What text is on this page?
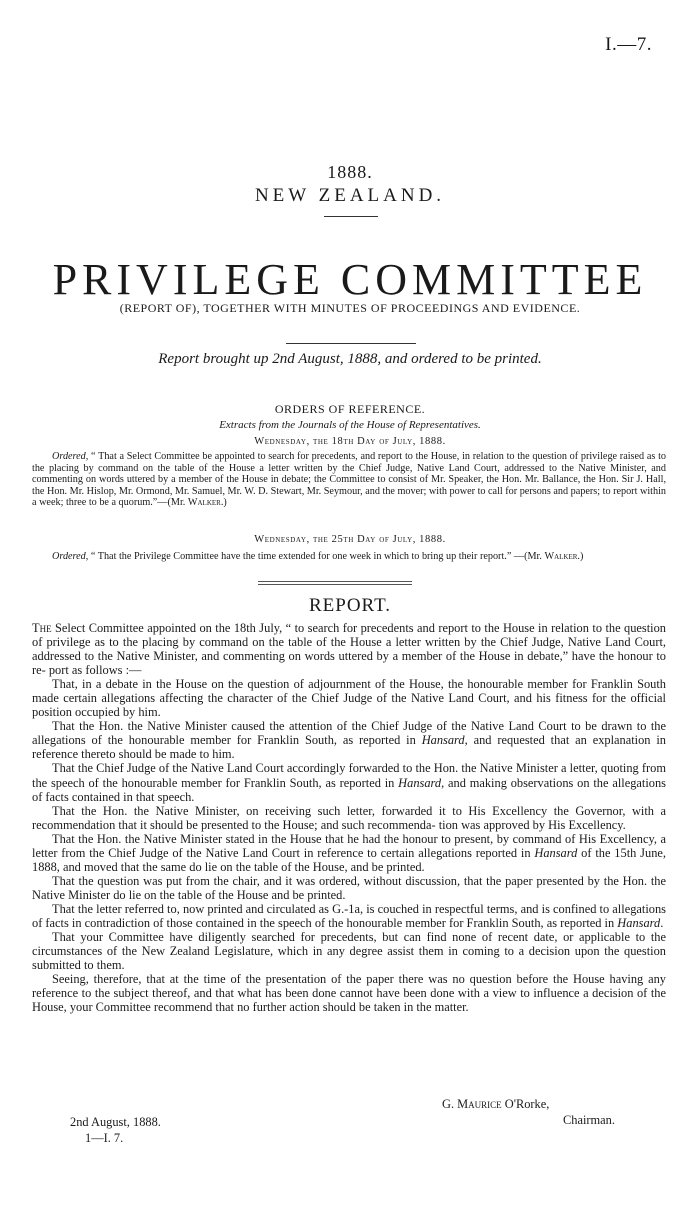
I.—7.
1888.
NEW ZEALAND.
PRIVILEGE COMMITTEE
(REPORT OF), TOGETHER WITH MINUTES OF PROCEEDINGS AND EVIDENCE.
Report brought up 2nd August, 1888, and ordered to be printed.
ORDERS OF REFERENCE.
Extracts from the Journals of the House of Representatives.
Wednesday, the 18th Day of July, 1888.
Ordered, “ That a Select Committee be appointed to search for precedents, and report to the House, in relation to the question of privilege raised as to the placing by command on the table of the House a letter written by the Chief Judge, Native Land Court, addressed to the Native Minister, and commenting on words uttered by a member of the House in debate; the Committee to consist of Mr. Speaker, the Hon. Mr. Ballance, the Hon. Sir J. Hall, the Hon. Mr. Hislop, Mr. Ormond, Mr. Samuel, Mr. W. D. Stewart, Mr. Seymour, and the mover; with power to call for persons and papers; to report within a week; three to be a quorum.”—(Mr. Walker.)
Wednesday, the 25th Day of July, 1888.
Ordered, “ That the Privilege Committee have the time extended for one week in which to bring up their report.” —(Mr. Walker.)
REPORT.

The Select Committee appointed on the 18th July, “ to search for precedents and report to the House in relation to the question of privilege as to the placing by command on the table of the House a letter written by the Chief Judge, Native Land Court, addressed to the Native Minister, and commenting on words uttered by a member of the House in debate,” have the honour to re- port as follows :—

That, in a debate in the House on the question of adjournment of the House, the honourable member for Franklin South made certain allegations affecting the character of the Chief Judge of the Native Land Court, and his fitness for the official position occupied by him.

That the Hon. the Native Minister caused the attention of the Chief Judge of the Native Land Court to be drawn to the allegations of the honourable member for Franklin South, as reported in Hansard, and requested that an explanation in reference thereto should be made to him.

That the Chief Judge of the Native Land Court accordingly forwarded to the Hon. the Native Minister a letter, quoting from the speech of the honourable member for Franklin South, as reported in Hansard, and making observations on the allegations of facts contained in that speech.

That the Hon. the Native Minister, on receiving such letter, forwarded it to His Excellency the Governor, with a recommendation that it should be presented to the House; and such recommenda- tion was approved by His Excellency.

That the Hon. the Native Minister stated in the House that he had the honour to present, by command of His Excellency, a letter from the Chief Judge of the Native Land Court in reference to certain allegations reported in Hansard of the 15th June, 1888, and moved that the same do lie on the table of the House, and be printed.

That the question was put from the chair, and it was ordered, without discussion, that the paper presented by the Hon. the Native Minister do lie on the table of the House and be printed.

That the letter referred to, now printed and circulated as G.-1a, is couched in respectful terms, and is confined to allegations of facts in contradiction of those contained in the speech of the honourable member for Franklin South, as reported in Hansard.

That your Committee have diligently searched for precedents, but can find none of recent date, or applicable to the circumstances of the New Zealand Legislature, which in any degree assist them in coming to a decision upon the question submitted to them.

Seeing, therefore, that at the time of the presentation of the paper there was no question before the House having any reference to the subject thereof, and that what has been done cannot have been done with a view to influence a decision of the House, your Committee recommend that no further action should be taken in the matter.

G. Maurice O'Rorke,
Chairman.
2nd August, 1888.
1—I. 7.
